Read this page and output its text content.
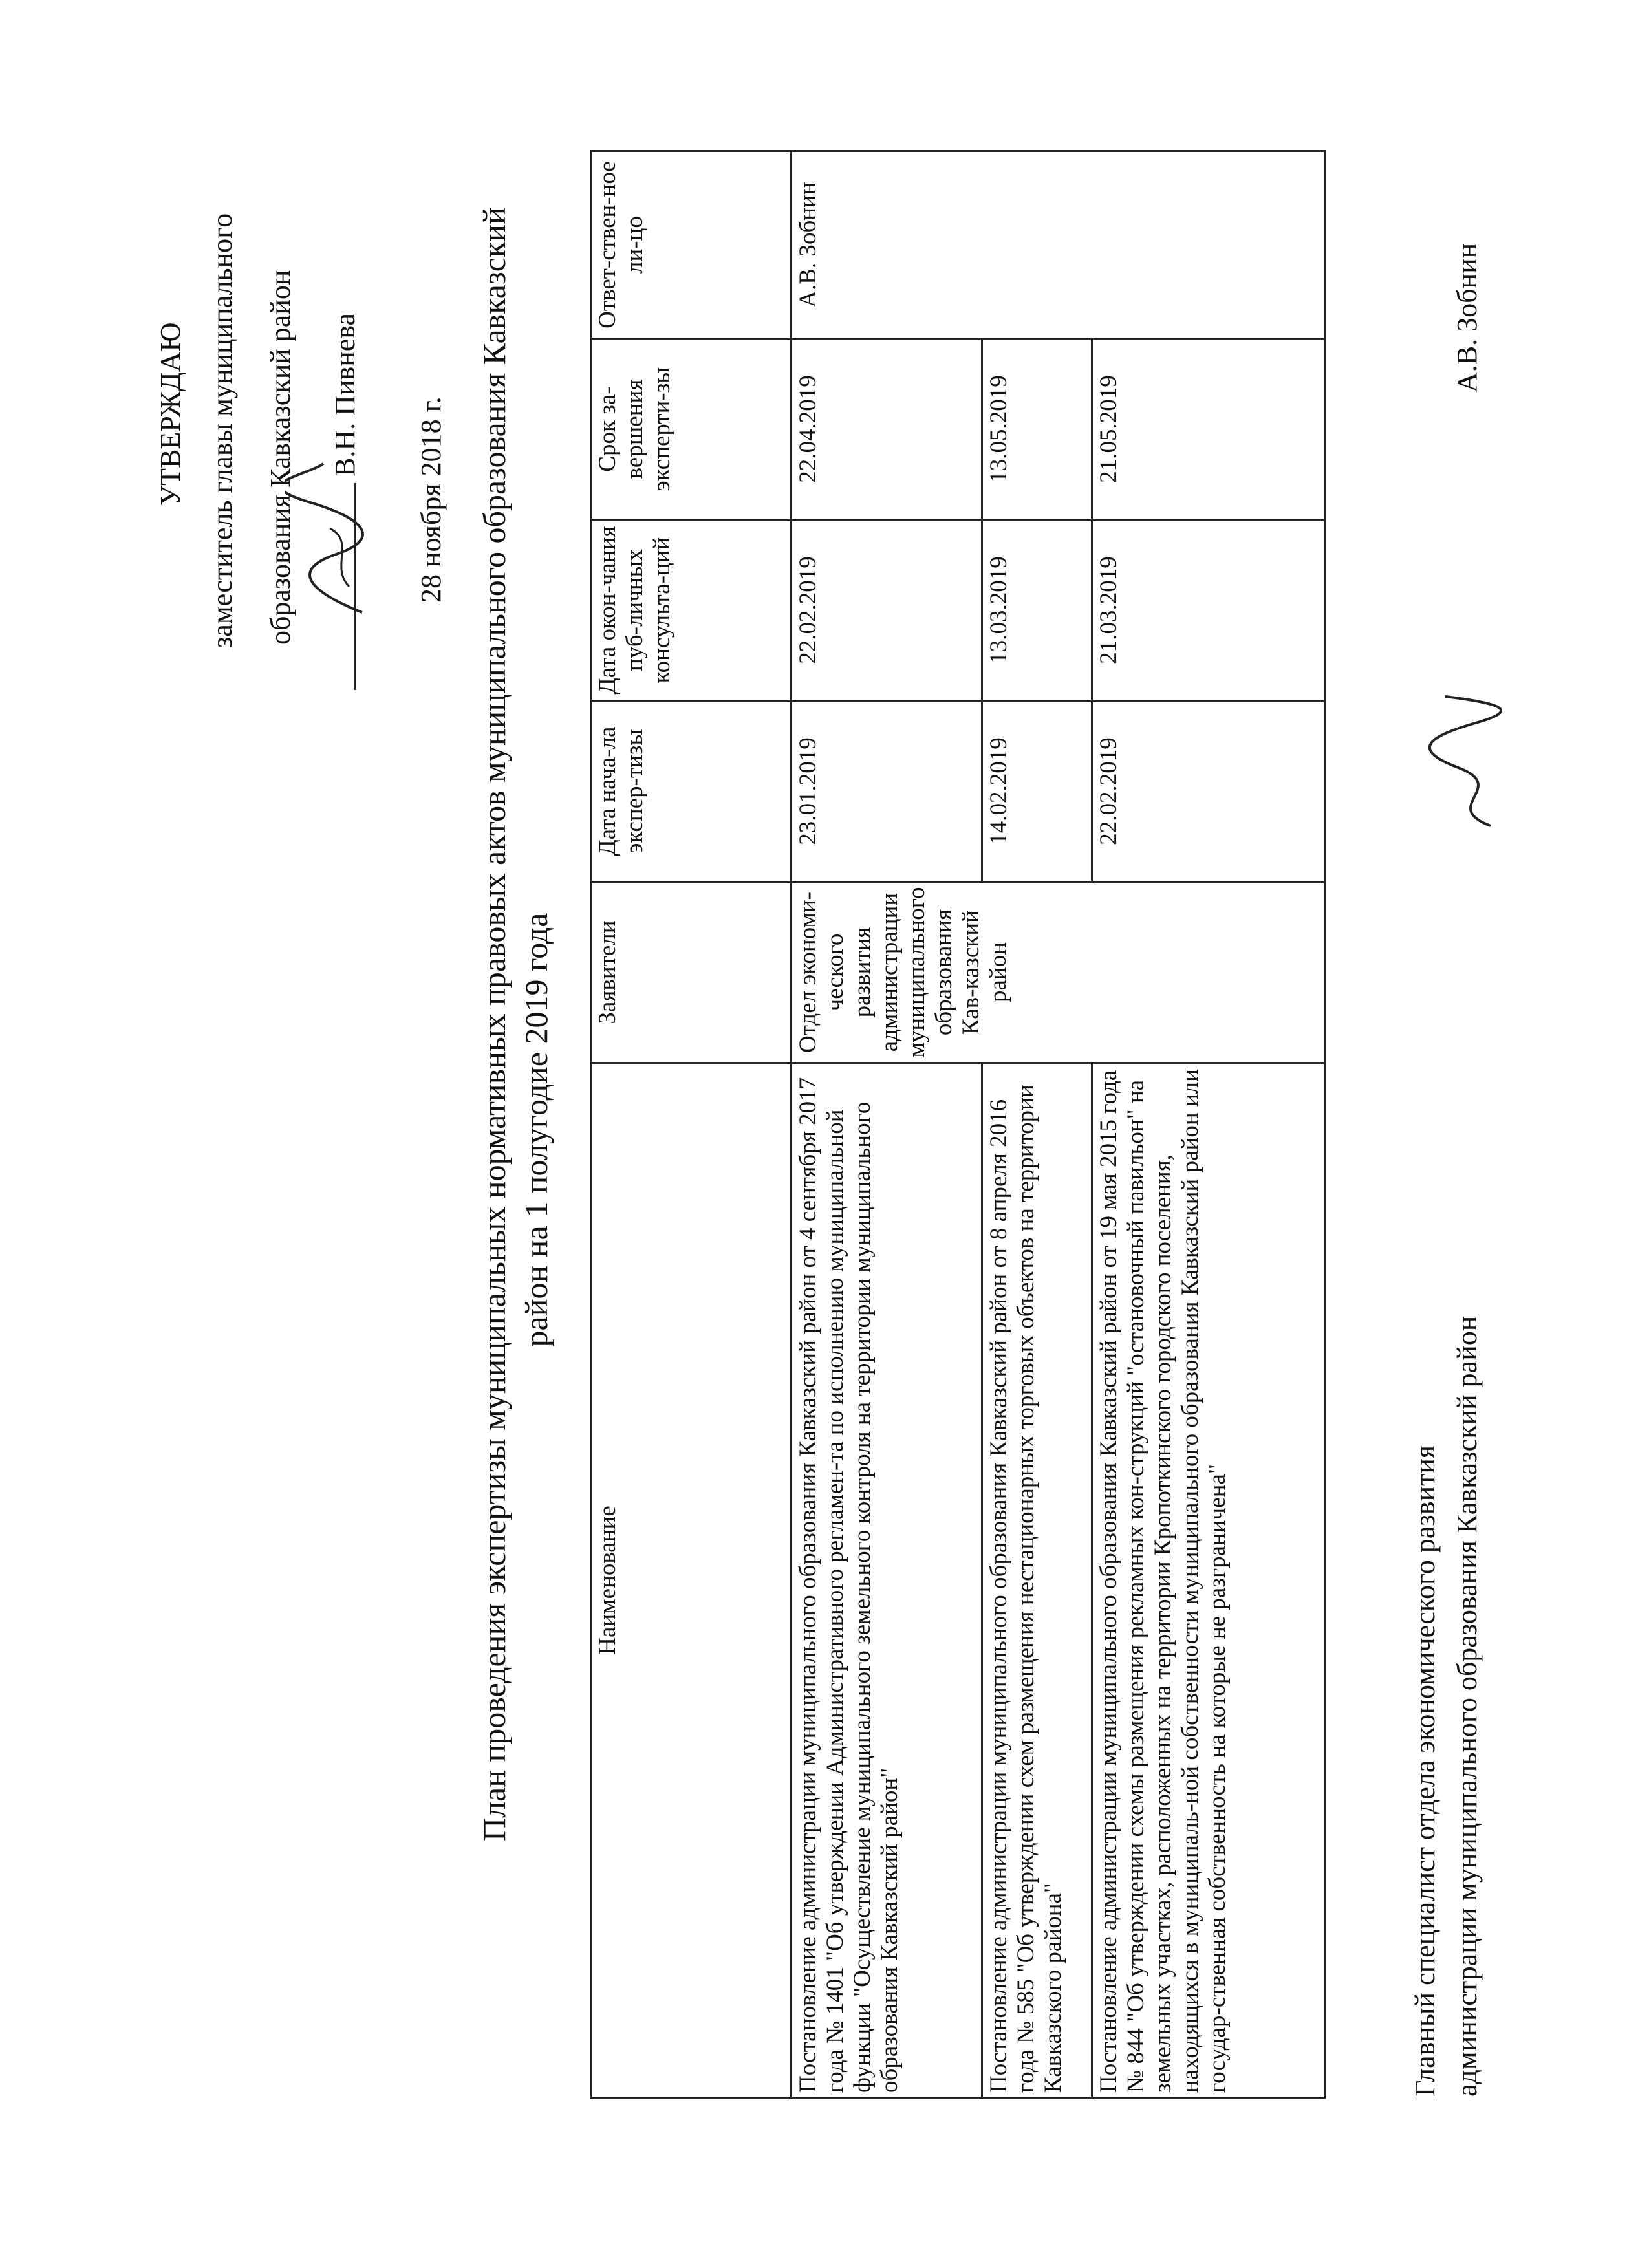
УТВЕРЖДАЮ заместитель главы муниципального образования Кавказский район В.Н. Пивнева
28 ноября 2018 г. План проведения экспертизы муниципальных нормативных правовых актов муниципального образования Кавказский район на 1 полугодие 2019 года
Наименование	Заявители	Дата нача-ла экспер-тизы	Дата окон-чания пуб-личных консульта-ций	Срок за-вершения эксперти-зы	Ответ-ствен-ное ли-цо
Постановление администрации муниципального образования Кавказский район от 4 сентября 2017 года № 1401 "Об утверждении Административного регламен-та по исполнению муниципальной функции "Осуществление муниципального земельного контроля на территории муниципального образования Кавказский район"	Отдел экономи-ческого развития администрации муниципального образования Кав-казский район	23.01.2019	22.02.2019	22.04.2019	А.В. Зобнин
Постановление администрации муниципального образования Кавказский район от 8 апреля 2016 года № 585 "Об утверждении схем размещения нестационарных торговых объектов на территории Кавказского района"		14.02.2019	13.03.2019	13.05.2019	
Постановление администрации муниципального образования Кавказский район от 19 мая 2015 года № 844 "Об утверждении схемы размещения рекламных кон-струкций "остановочный павильон" на земельных участках, расположенных на территории Кропоткинского городского поселения, находящихся в муниципаль-ной собственности муниципального образования Кавказский район или государ-ственная собственность на которые не разграничена"		22.02.2019	21.03.2019	21.05.2019	
Главный специалист отдела экономического развития администрации муниципального образования Кавказский район
А.В. Зобнин
